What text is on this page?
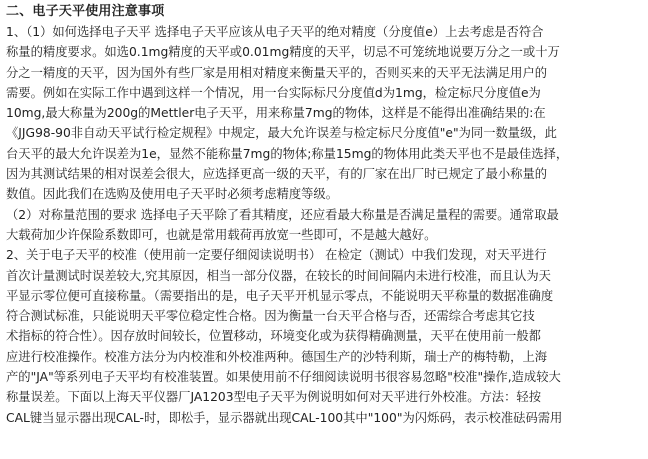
二、电子天平使用注意事项
1、（1）如何选择电子天平 选择电子天平应该从电子天平的绝对精度（分度值e）上去考虑是否符合
称量的精度要求。如选0.1mg精度的天平或0.01mg精度的天平，切忌不可笼统地说要万分之一或十万
分之一精度的天平，因为国外有些厂家是用相对精度来衡量天平的，否则买来的天平无法满足用户的
需要。例如在实际工作中遇到这样一个情况，用一台实际标尺分度值d为1mg，检定标尺分度值e为
10mg,最大称量为200g的Mettler电子天平，用来称量7mg的物体，这样是不能得出准确结果的:在
《JJG98-90非自动天平试行检定规程》中规定，最大允许误差与检定标尺分度值"e"为同一数量级，此
台天平的最大允许误差为1e，显然不能称量7mg的物体;称量15mg的物体用此类天平也不是最佳选择，
因为其测试结果的相对误差会很大，应选择更高一级的天平，有的厂家在出厂时已规定了最小称量的
数值。因此我们在选购及使用电子天平时必须考虑精度等级。
（2）对称量范围的要求 选择电子天平除了看其精度，还应看最大称量是否满足量程的需要。通常取最
大载荷加少许保险系数即可，也就是常用载荷再放宽一些即可，不是越大越好。
2、关于电子天平的校准（使用前一定要仔细阅读说明书） 在检定（测试）中我们发现，对天平进行
首次计量测试时误差较大,究其原因，相当一部分仪器，在较长的时间间隔内未进行校准，而且认为天
平显示零位便可直接称量。（需要指出的是，电子天平开机显示零点，不能说明天平称量的数据准确度
符合测试标准，只能说明天平零位稳定性合格。因为衡量一台天平合格与否，还需综合考虑其它技
术指标的符合性）。因存放时间较长，位置移动，环境变化或为获得精确测量，天平在使用前一般都
应进行校准操作。校准方法分为内校准和外校准两种。德国生产的沙特利斯，瑞士产的梅特勒，上海
产的"JA"等系列电子天平均有校准装置。如果使用前不仔细阅读说明书很容易忽略"校准"操作,造成较大
称量误差。下面以上海天平仪器厂JA1203型电子天平为例说明如何对天平进行外校准。方法：轻按
CAL键当显示器出现CAL-时，即松手，显示器就出现CAL-100其中"100"为闪烁码，表示校准砝码需用
